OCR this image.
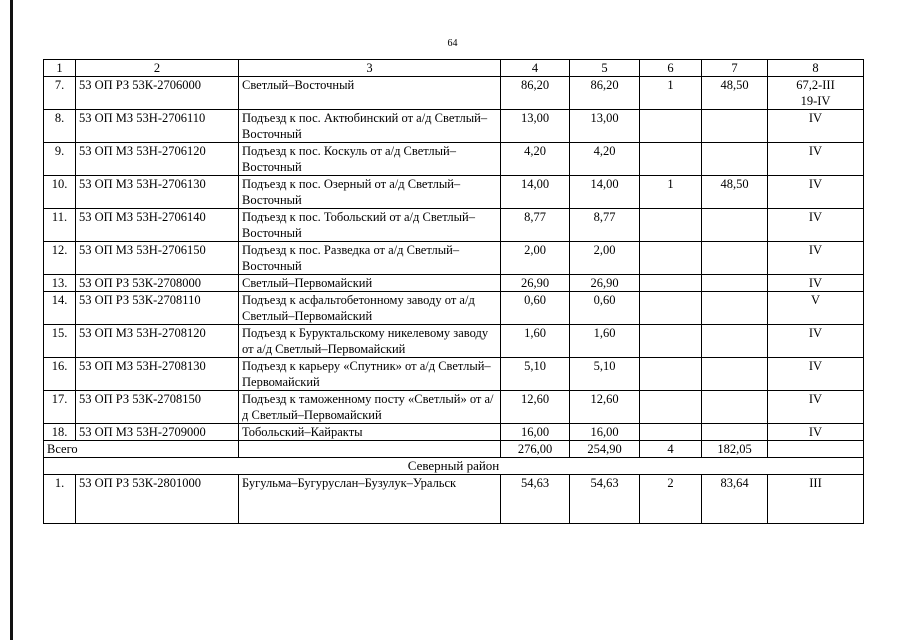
64
1	2	3	4	5	6	7	8
7.	53 ОП РЗ 53К-2706000	Светлый–Восточный	86,20	86,20	1	48,50	67,2-III
19-IV
8.	53 ОП МЗ 53Н-2706110	Подъезд к пос. Актюбинский от а/д Светлый–Восточный	13,00	13,00			IV
9.	53 ОП МЗ 53Н-2706120	Подъезд к пос. Коскуль от а/д Светлый–Восточный	4,20	4,20			IV
10.	53 ОП МЗ 53Н-2706130	Подъезд к пос. Озерный от а/д Светлый–Восточный	14,00	14,00	1	48,50	IV
11.	53 ОП МЗ 53Н-2706140	Подъезд к пос. Тобольский от а/д Светлый–Восточный	8,77	8,77			IV
12.	53 ОП МЗ 53Н-2706150	Подъезд к пос. Разведка от а/д Светлый–Восточный	2,00	2,00			IV
13.	53 ОП РЗ 53К-2708000	Светлый–Первомайский	26,90	26,90			IV
14.	53 ОП РЗ 53К-2708110	Подъезд к асфальтобетонному заводу от а/д Светлый–Первомайский	0,60	0,60			V
15.	53 ОП МЗ 53Н-2708120	Подъезд к Буруктальскому никелевому заводу от а/д Светлый–Первомайский	1,60	1,60			IV
16.	53 ОП МЗ 53Н-2708130	Подъезд к карьеру «Спутник» от а/д Светлый–Первомайский	5,10	5,10			IV
17.	53 ОП РЗ 53К-2708150	Подъезд к таможенному посту «Светлый» от а/д Светлый–Первомайский	12,60	12,60			IV
18.	53 ОП МЗ 53Н-2709000	Тобольский–Кайракты	16,00	16,00			IV
Всего			276,00	254,90	4	182,05	
Северный район							
1.	53 ОП РЗ 53К-2801000	Бугульма–Бугуруслан–Бузулук–Уральск	54,63	54,63	2	83,64	III
